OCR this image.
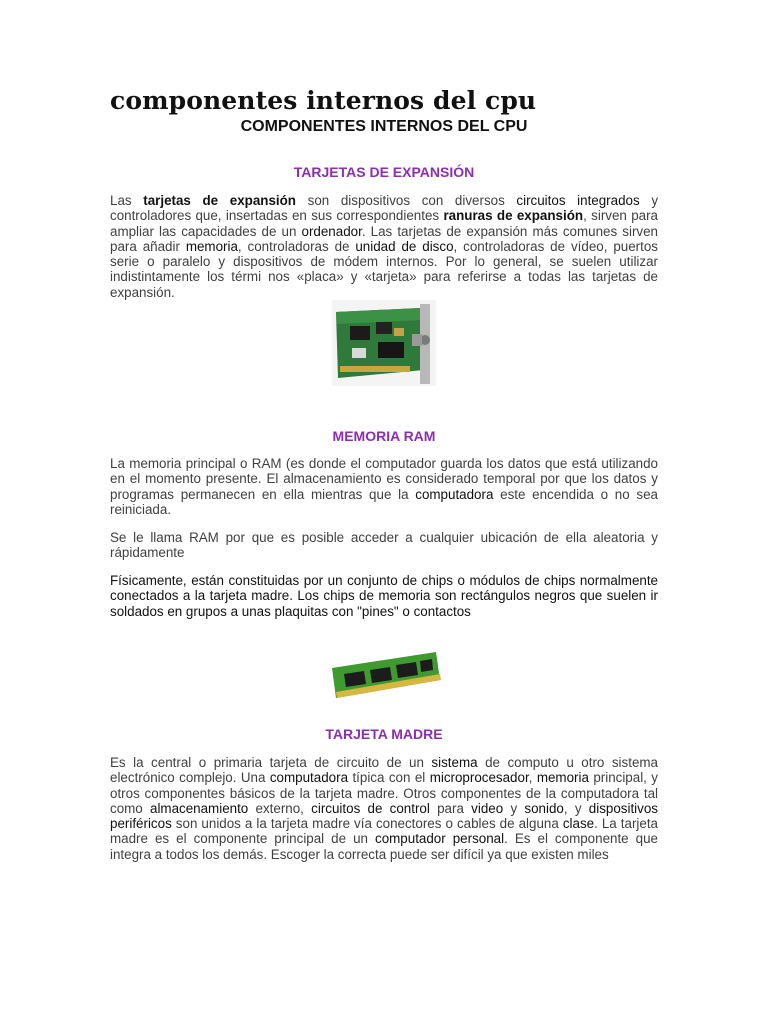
componentes internos del cpu
COMPONENTES INTERNOS DEL CPU
TARJETAS DE EXPANSIÓN

Las tarjetas de expansión son dispositivos con diversos circuitos integrados y controladores que, insertadas en sus correspondientes ranuras de expansión, sirven para ampliar las capacidades de un ordenador. Las tarjetas de expansión más comunes sirven para añadir memoria, controladoras de unidad de disco, controladoras de vídeo, puertos serie o paralelo y dispositivos de módem internos. Por lo general, se suelen utilizar indistintamente los térmi nos «placa» y «tarjeta» para referirse a todas las tarjetas de expansión.

MEMORIA RAM

La memoria principal o RAM (es donde el computador guarda los datos que está utilizando en el momento presente. El almacenamiento es considerado temporal por que los datos y programas permanecen en ella mientras que la computadora este encendida o no sea reiniciada.

Se le llama RAM por que es posible acceder a cualquier ubicación de ella aleatoria y rápidamente

Físicamente, están constituidas por un conjunto de chips o módulos de chips normalmente conectados a la tarjeta madre. Los chips de memoria son rectángulos negros que suelen ir soldados en grupos a unas plaquitas con "pines" o contactos

TARJETA MADRE

Es la central o primaria tarjeta de circuito de un sistema de computo u otro sistema electrónico complejo. Una computadora típica con el microprocesador, memoria principal, y otros componentes básicos de la tarjeta madre. Otros componentes de la computadora tal como almacenamiento externo, circuitos de control para video y sonido, y dispositivos periféricos son unidos a la tarjeta madre vía conectores o cables de alguna clase. La tarjeta madre es el componente principal de un computador personal. Es el componente que integra a todos los demás. Escoger la correcta puede ser difícil ya que existen miles
